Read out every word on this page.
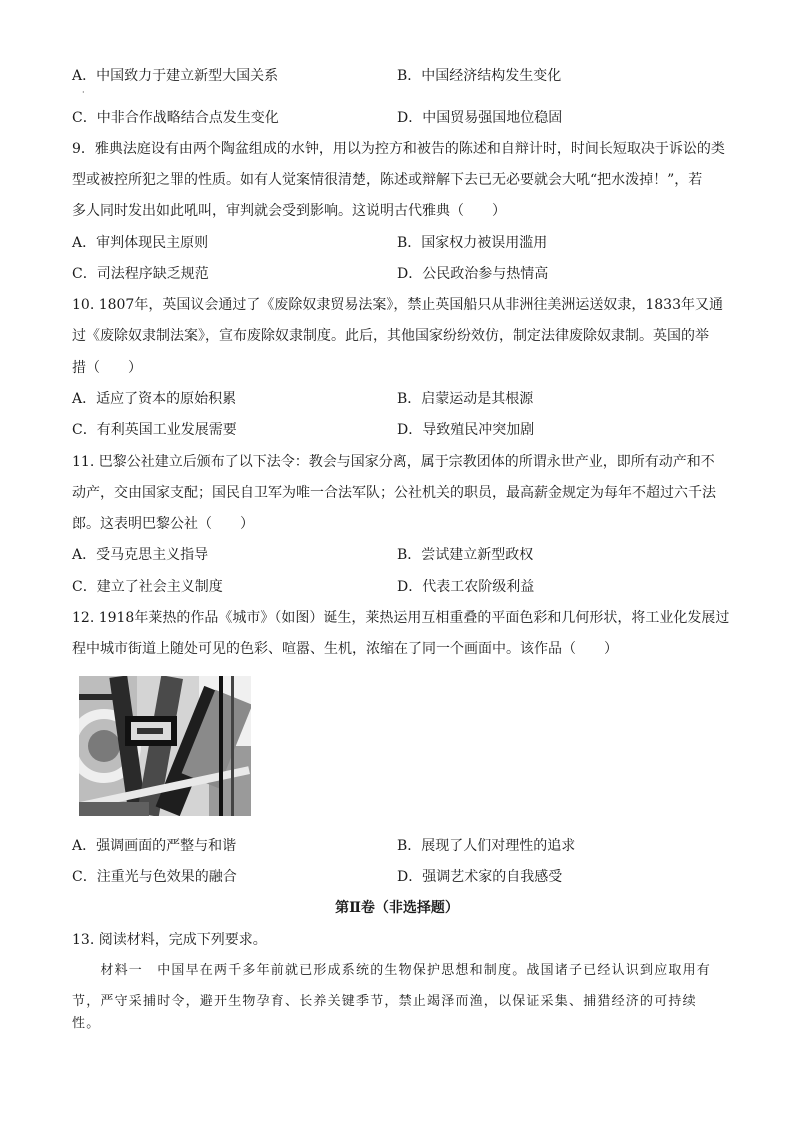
A．中国致力于建立新型大国关系	B．中国经济结构发生变化
·
C．中非合作战略结合点发生变化	D．中国贸易强国地位稳固
9．雅典法庭设有由两个陶盆组成的水钟，用以为控方和被告的陈述和自辩计时，时间长短取决于诉讼的类
型或被控所犯之罪的性质。如有人觉案情很清楚，陈述或辩解下去已无必要就会大吼“把水泼掉！”，若
多人同时发出如此吼叫，审判就会受到影响。这说明古代雅典（　　）
A．审判体现民主原则	B．国家权力被误用滥用
C．司法程序缺乏规范	D．公民政治参与热情高
10. 1807年，英国议会通过了《废除奴隶贸易法案》，禁止英国船只从非洲往美洲运送奴隶，1833年又通
过《废除奴隶制法案》，宣布废除奴隶制度。此后，其他国家纷纷效仿，制定法律废除奴隶制。英国的举
措（　　）
A．适应了资本的原始积累	B．启蒙运动是其根源
C．有利英国工业发展需要	D．导致殖民冲突加剧
11. 巴黎公社建立后颁布了以下法令：教会与国家分离，属于宗教团体的所谓永世产业，即所有动产和不
动产，交由国家支配；国民自卫军为唯一合法军队；公社机关的职员，最高薪金规定为每年不超过六千法
郎。这表明巴黎公社（　　）
A．受马克思主义指导	B．尝试建立新型政权
C．建立了社会主义制度	D．代表工农阶级利益
12. 1918年莱热的作品《城市》（如图）诞生，莱热运用互相重叠的平面色彩和几何形状，将工业化发展过
程中城市街道上随处可见的色彩、喧嚣、生机，浓缩在了同一个画面中。该作品（　　）
A．强调画面的严整与和谐	B．展现了人们对理性的追求
C．注重光与色效果的融合	D．强调艺术家的自我感受
第Ⅱ卷（非选择题）
13. 阅读材料，完成下列要求。
　　材料一　中国早在两千多年前就已形成系统的生物保护思想和制度。战国诸子已经认识到应取用有
节，严守采捕时令，避开生物孕育、长养关键季节，禁止竭泽而渔，以保证采集、捕猎经济的可持续性。
